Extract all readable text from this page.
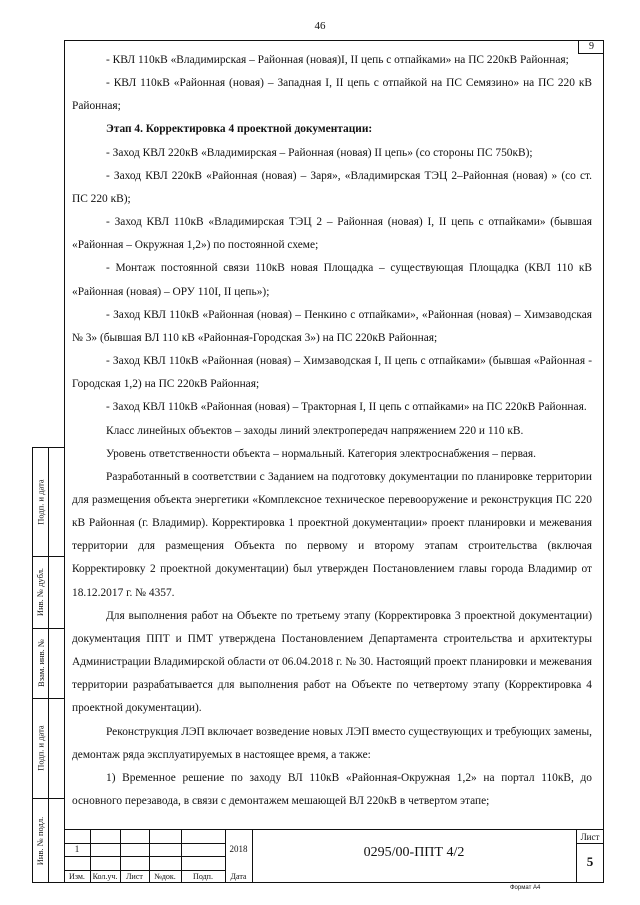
46
9

- КВЛ 110кВ «Владимирская – Районная (новая)I, II цепь с отпайками» на ПС 220кВ Районная;

- КВЛ 110кВ «Районная (новая) – Западная I, II цепь с отпайкой на ПС Семязино» на ПС 220 кВ Районная;

Этап 4. Корректировка 4 проектной документации:

- Заход КВЛ 220кВ «Владимирская – Районная (новая) II цепь» (со стороны ПС 750кВ);

- Заход КВЛ 220кВ «Районная (новая) – Заря», «Владимирская ТЭЦ 2–Районная (новая) » (со ст. ПС 220 кВ);

- Заход КВЛ 110кВ «Владимирская ТЭЦ 2 – Районная (новая) I, II цепь с отпайками» (бывшая «Районная – Окружная 1,2») по постоянной схеме;

- Монтаж постоянной связи 110кВ новая Площадка – существующая Площадка (КВЛ 110 кВ «Районная (новая) – ОРУ 110I, II цепь»);

- Заход КВЛ 110кВ «Районная (новая) – Пенкино с отпайками», «Районная (новая) – Химзаводская № 3» (бывшая ВЛ 110 кВ «Районная-Городская 3») на ПС 220кВ Районная;

- Заход КВЛ 110кВ «Районная (новая) – Химзаводская I, II цепь с отпайками» (бывшая «Районная - Городская 1,2) на ПС 220кВ Районная;

- Заход КВЛ 110кВ «Районная (новая) – Тракторная I, II цепь с отпайками» на ПС 220кВ Районная.

Класс линейных объектов – заходы линий электропередач напряжением 220 и 110 кВ.

Уровень ответственности объекта – нормальный. Категория электроснабжения – первая.

Разработанный в соответствии с Заданием на подготовку документации по планировке территории для размещения объекта энергетики «Комплексное техническое перевооружение и реконструкция ПС 220 кВ Районная (г. Владимир). Корректировка 1 проектной документации» проект планировки и межевания территории для размещения Объекта по первому и второму этапам строительства (включая Корректировку 2 проектной документации) был утвержден Постановлением главы города Владимир от 18.12.2017 г. № 4357.

Для выполнения работ на Объекте по третьему этапу (Корректировка 3 проектной документации) документация ППТ и ПМТ утверждена Постановлением Департамента строительства и архитектуры Администрации Владимирской области от 06.04.2018 г. № 30. Настоящий проект планировки и межевания территории разрабатывается для выполнения работ на Объекте по четвертому этапу (Корректировка 4 проектной документации).

Реконструкция ЛЭП включает возведение новых ЛЭП вместо существующих и требующих замены, демонтаж ряда эксплуатируемых в настоящее время, а также:

1) Временное решение по заходу ВЛ 110кВ «Районная-Окружная 1,2» на портал 110кВ, до основного перезавода, в связи с демонтажем мешающей ВЛ 220кВ в четвертом этапе;

Подп. и дата
Инв. № дубл.
Взам. инв. №
Подп. и дата
Инв. № подл.	1	2018
Изм. Кол.уч.	Лист	№док.	Подп.	Дата
0295/00-ППТ 4/2
Лист
5
Формат А4
